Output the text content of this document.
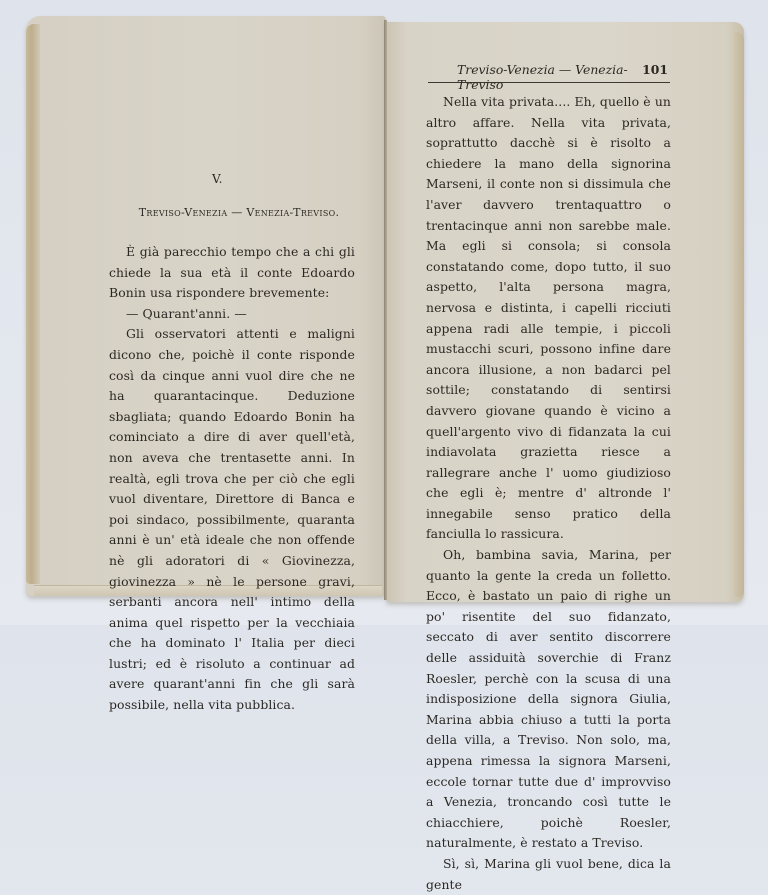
V.
Treviso-Venezia — Venezia-Treviso.

È già parecchio tempo che a chi gli chiede la sua età il conte Edoardo Bonin usa rispondere brevemente:

— Quarant'anni. —

Gli osservatori attenti e maligni dicono che, poichè il conte risponde così da cinque anni vuol dire che ne ha quarantacinque. Deduzione sbagliata; quando Edoardo Bonin ha cominciato a dire di aver quell'età, non aveva che trentasette anni. In realtà, egli trova che per ciò che egli vuol diventare, Direttore di Banca e poi sindaco, possibilmente, quaranta anni è un' età ideale che non offende nè gli adoratori di « Giovinezza, giovinezza » nè le persone gravi, serbanti ancora nell' intimo della anima quel rispetto per la vecchiaia che ha dominato l' Italia per dieci lustri; ed è risoluto a continuar ad avere quarant'anni fin che gli sarà possibile, nella vita pubblica.

Treviso-Venezia — Venezia-Treviso
101

Nella vita privata.... Eh, quello è un altro affare. Nella vita privata, soprattutto dacchè si è risolto a chiedere la mano della signorina Marseni, il conte non si dissimula che l'aver davvero trentaquattro o trentacinque anni non sarebbe male. Ma egli si consola; si consola constatando come, dopo tutto, il suo aspetto, l'alta persona magra, nervosa e distinta, i capelli ricciuti appena radi alle tempie, i piccoli mustacchi scuri, possono infine dare ancora illusione, a non badarci pel sottile; constatando di sentirsi davvero giovane quando è vicino a quell'argento vivo di fidanzata la cui indiavolata grazietta riesce a rallegrare anche l' uomo giudizioso che egli è; mentre d' altronde l' innegabile senso pratico della fanciulla lo rassicura.

Oh, bambina savia, Marina, per quanto la gente la creda un folletto. Ecco, è bastato un paio di righe un po' risentite del suo fidanzato, seccato di aver sentito discorrere delle assiduità soverchie di Franz Roesler, perchè con la scusa di una indisposizione della signora Giulia, Marina abbia chiuso a tutti la porta della villa, a Treviso. Non solo, ma, appena rimessa la signora Marseni, eccole tornar tutte due d' improvviso a Venezia, troncando così tutte le chiacchiere, poichè Roesler, naturalmente, è restato a Treviso.

Sì, sì, Marina gli vuol bene, dica la gente
